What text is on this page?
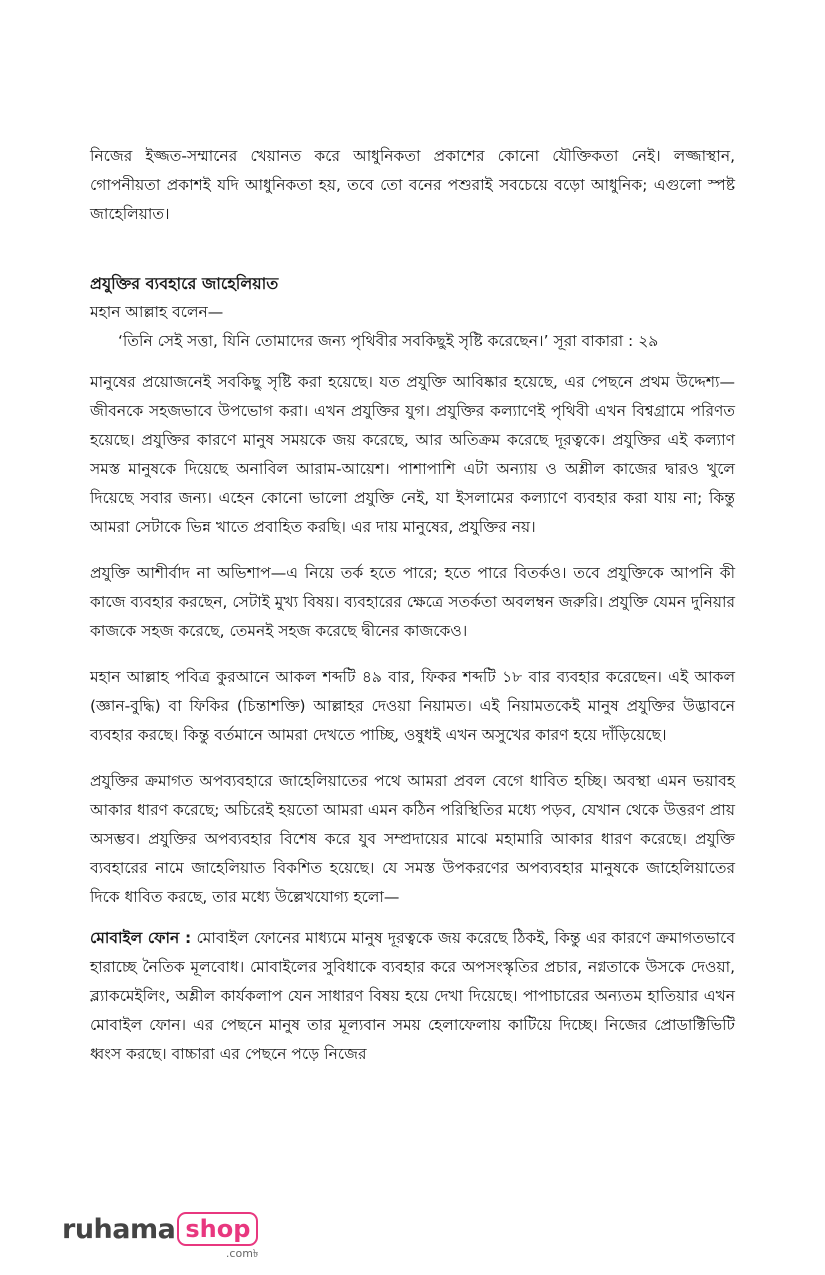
নিজের ইজ্জত-সম্মানের খেয়ানত করে আধুনিকতা প্রকাশের কোনো যৌক্তিকতা নেই। লজ্জাস্থান, গোপনীয়তা প্রকাশই যদি আধুনিকতা হয়, তবে তো বনের পশুরাই সবচেয়ে বড়ো আধুনিক; এগুলো স্পষ্ট জাহেলিয়াত।

প্রযুক্তির ব্যবহারে জাহেলিয়াত

মহান আল্লাহ বলেন—

‘তিনি সেই সত্তা, যিনি তোমাদের জন্য পৃথিবীর সবকিছুই সৃষ্টি করেছেন।’ সূরা বাকারা : ২৯

মানুষের প্রয়োজনেই সবকিছু সৃষ্টি করা হয়েছে। যত প্রযুক্তি আবিষ্কার হয়েছে, এর পেছনে প্রথম উদ্দেশ্য—জীবনকে সহজভাবে উপভোগ করা। এখন প্রযুক্তির যুগ। প্রযুক্তির কল্যাণেই পৃথিবী এখন বিশ্বগ্রামে পরিণত হয়েছে। প্রযুক্তির কারণে মানুষ সময়কে জয় করেছে, আর অতিক্রম করেছে দূরত্বকে। প্রযুক্তির এই কল্যাণ সমস্ত মানুষকে দিয়েছে অনাবিল আরাম-আয়েশ। পাশাপাশি এটা অন্যায় ও অশ্লীল কাজের দ্বারও খুলে দিয়েছে সবার জন্য। এহেন কোনো ভালো প্রযুক্তি নেই, যা ইসলামের কল্যাণে ব্যবহার করা যায় না; কিন্তু আমরা সেটাকে ভিন্ন খাতে প্রবাহিত করছি। এর দায় মানুষের, প্রযুক্তির নয়।

প্রযুক্তি আশীর্বাদ না অভিশাপ—এ নিয়ে তর্ক হতে পারে; হতে পারে বিতর্কও। তবে প্রযুক্তিকে আপনি কী কাজে ব্যবহার করছেন, সেটাই মুখ্য বিষয়। ব্যবহারের ক্ষেত্রে সতর্কতা অবলম্বন জরুরি। প্রযুক্তি যেমন দুনিয়ার কাজকে সহজ করেছে, তেমনই সহজ করেছে দ্বীনের কাজকেও।

মহান আল্লাহ পবিত্র কুরআনে আকল শব্দটি ৪৯ বার, ফিকর শব্দটি ১৮ বার ব্যবহার করেছেন। এই আকল (জ্ঞান-বুদ্ধি) বা ফিকির (চিন্তাশক্তি) আল্লাহর দেওয়া নিয়ামত। এই নিয়ামতকেই মানুষ প্রযুক্তির উদ্ভাবনে ব্যবহার করছে। কিন্তু বর্তমানে আমরা দেখতে পাচ্ছি, ওষুধই এখন অসুখের কারণ হয়ে দাঁড়িয়েছে।

প্রযুক্তির ক্রমাগত অপব্যবহারে জাহেলিয়াতের পথে আমরা প্রবল বেগে ধাবিত হচ্ছি। অবস্থা এমন ভয়াবহ আকার ধারণ করেছে; অচিরেই হয়তো আমরা এমন কঠিন পরিস্থিতির মধ্যে পড়ব, যেখান থেকে উত্তরণ প্রায় অসম্ভব। প্রযুক্তির অপব্যবহার বিশেষ করে যুব সম্প্রদায়ের মাঝে মহামারি আকার ধারণ করেছে। প্রযুক্তি ব্যবহারের নামে জাহেলিয়াত বিকশিত হয়েছে। যে সমস্ত উপকরণের অপব্যবহার মানুষকে জাহেলিয়াতের দিকে ধাবিত করছে, তার মধ্যে উল্লেখযোগ্য হলো—

মোবাইল ফোন : মোবাইল ফোনের মাধ্যমে মানুষ দূরত্বকে জয় করেছে ঠিকই, কিন্তু এর কারণে ক্রমাগতভাবে হারাচ্ছে নৈতিক মূলবোধ। মোবাইলের সুবিধাকে ব্যবহার করে অপসংস্কৃতির প্রচার, নগ্নতাকে উসকে দেওয়া, ব্ল্যাকমেইলিং, অশ্লীল কার্যকলাপ যেন সাধারণ বিষয় হয়ে দেখা দিয়েছে। পাপাচারের অন্যতম হাতিয়ার এখন মোবাইল ফোন। এর পেছনে মানুষ তার মূল্যবান সময় হেলাফেলায় কাটিয়ে দিচ্ছে। নিজের প্রোডাক্টিভিটি ধ্বংস করছে। বাচ্চারা এর পেছনে পড়ে নিজের

ruhama shop
.com৳
